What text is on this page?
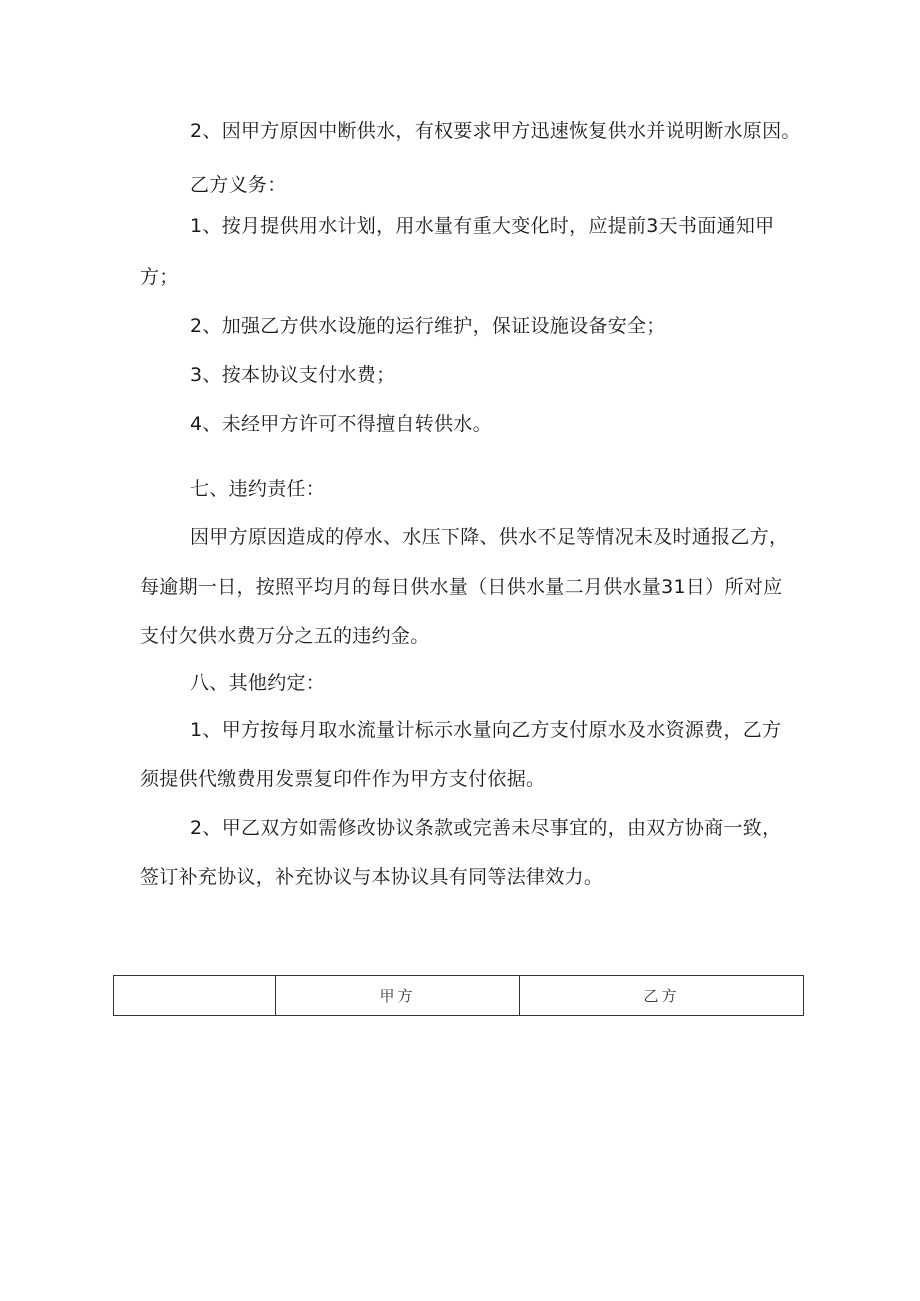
2、因甲方原因中断供水，有权要求甲方迅速恢复供水并说明断水原因。
乙方义务：
1、按月提供用水计划，用水量有重大变化时，应提前3天书面通知甲
方；
2、加强乙方供水设施的运行维护，保证设施设备安全；
3、按本协议支付水费；
4、未经甲方许可不得擅自转供水。
七、违约责任：
因甲方原因造成的停水、水压下降、供水不足等情况未及时通报乙方，
每逾期一日，按照平均月的每日供水量（日供水量二月供水量31日）所对应
支付欠供水费万分之五的违约金。
八、其他约定：
1、甲方按每月取水流量计标示水量向乙方支付原水及水资源费，乙方
须提供代缴费用发票复印件作为甲方支付依据。
2、甲乙双方如需修改协议条款或完善未尽事宜的，由双方协商一致，
签订补充协议，补充协议与本协议具有同等法律效力。
	甲方	乙方
